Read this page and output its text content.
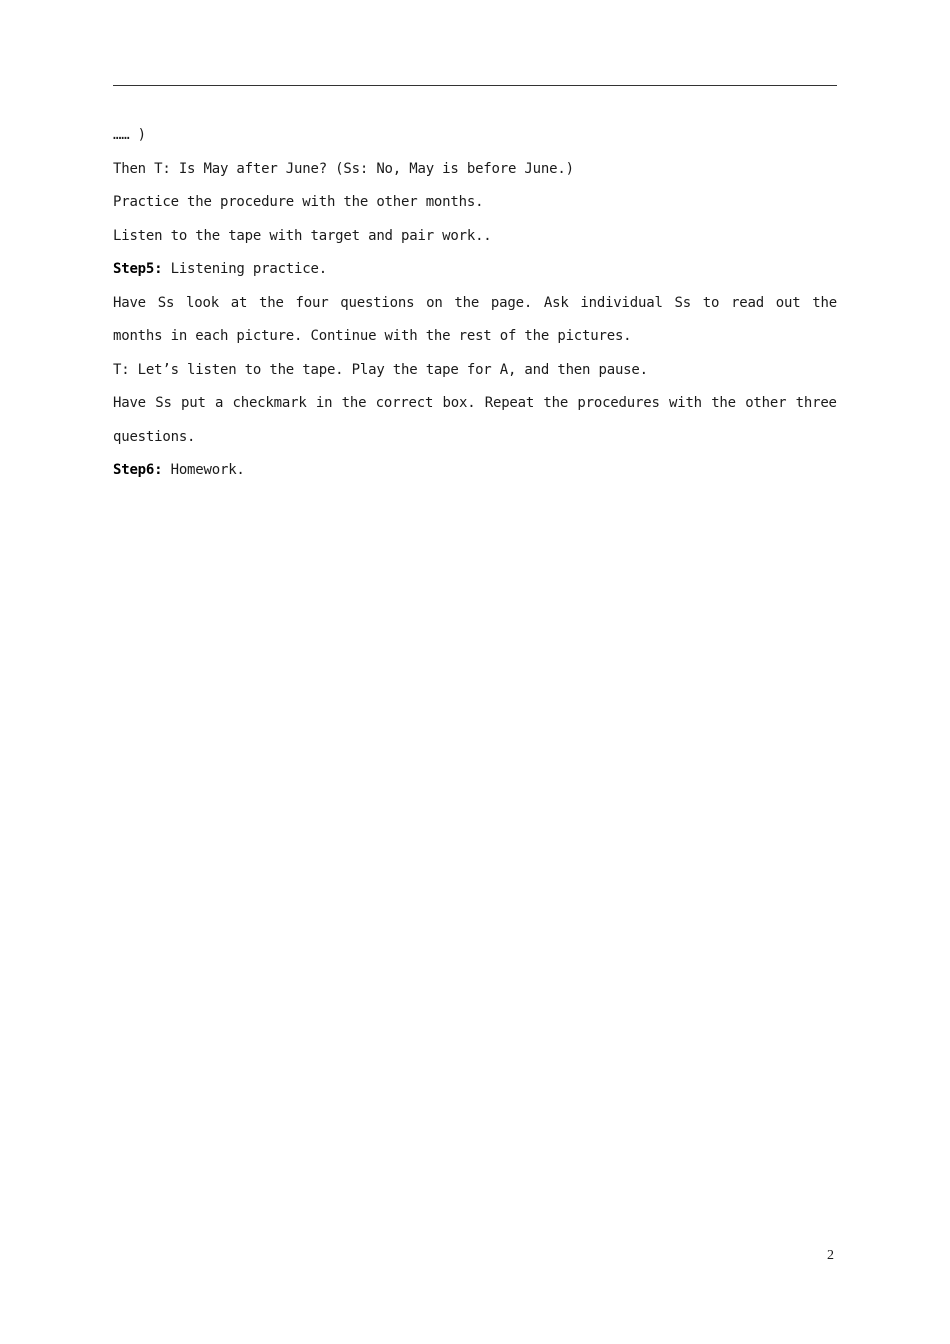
…… )
Then T: Is May after June? (Ss: No, May is before June.)
Practice the procedure with the other months.
Listen to the tape with target and pair work..
Step5: Listening practice.
Have Ss look at the four questions on the page. Ask individual Ss to read out the
months in each picture. Continue with the rest of the pictures.
T: Let’s listen to the tape. Play the tape for A, and then pause.
Have Ss put a checkmark in the correct box. Repeat the procedures with the other three
questions.
Step6: Homework.
2
